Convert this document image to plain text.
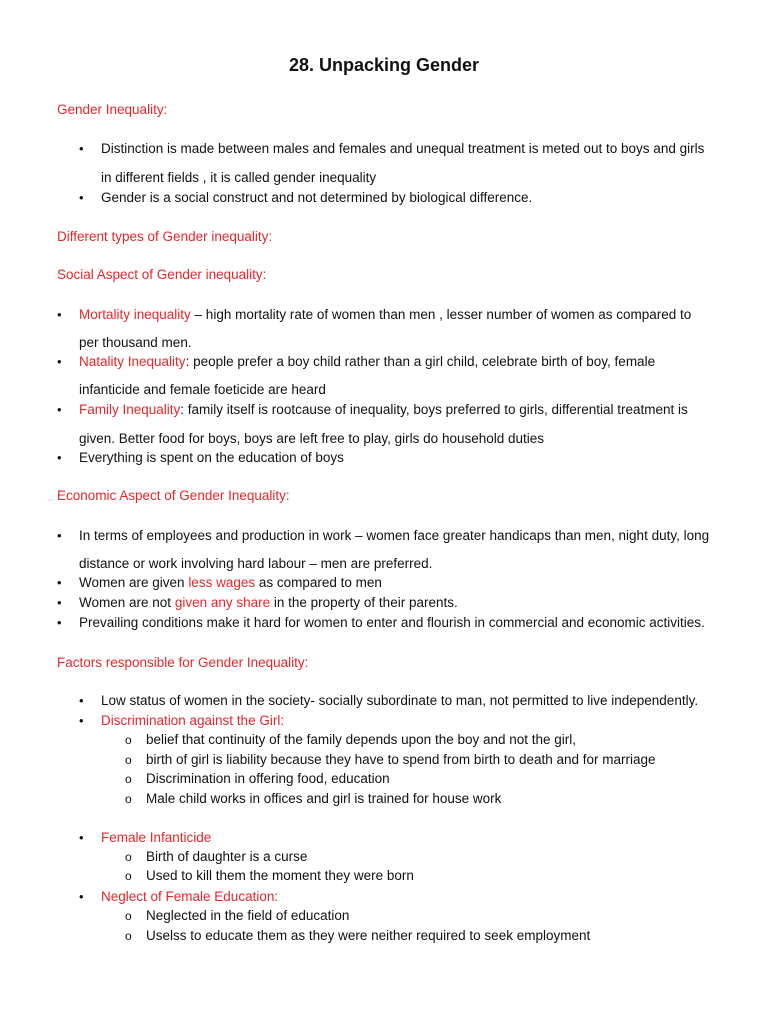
28. Unpacking Gender
Gender Inequality:
• Distinction is made between males and females and unequal treatment is meted out to boys and girls
in different fields , it is called gender inequality
• Gender is a social construct and not determined by biological difference.
Different types of Gender inequality:
Social Aspect of Gender inequality:
• Mortality inequality – high mortality rate of women than men , lesser number of women as compared to
per thousand men.
• Natality Inequality: people prefer a boy child rather than a girl child, celebrate birth of boy, female
infanticide and female foeticide are heard
• Family Inequality: family itself is rootcause of inequality, boys preferred to girls, differential treatment is
given. Better food for boys, boys are left free to play, girls do household duties
• Everything is spent on the education of boys
Economic Aspect of Gender Inequality:
• In terms of employees and production in work – women face greater handicaps than men, night duty, long
distance or work involving hard labour – men are preferred.
• Women are given less wages as compared to men
• Women are not given any share in the property of their parents.
• Prevailing conditions make it hard for women to enter and flourish in commercial and economic activities.
Factors responsible for Gender Inequality:
• Low status of women in the society- socially subordinate to man, not permitted to live independently.
• Discrimination against the Girl:
o belief that continuity of the family depends upon the boy and not the girl,
o birth of girl is liability because they have to spend from birth to death and for marriage
o Discrimination in offering food, education
o Male child works in offices and girl is trained for house work
• Female Infanticide
o Birth of daughter is a curse
o Used to kill them the moment they were born
• Neglect of Female Education:
o Neglected in the field of education
o Uselss to educate them as they were neither required to seek employment
